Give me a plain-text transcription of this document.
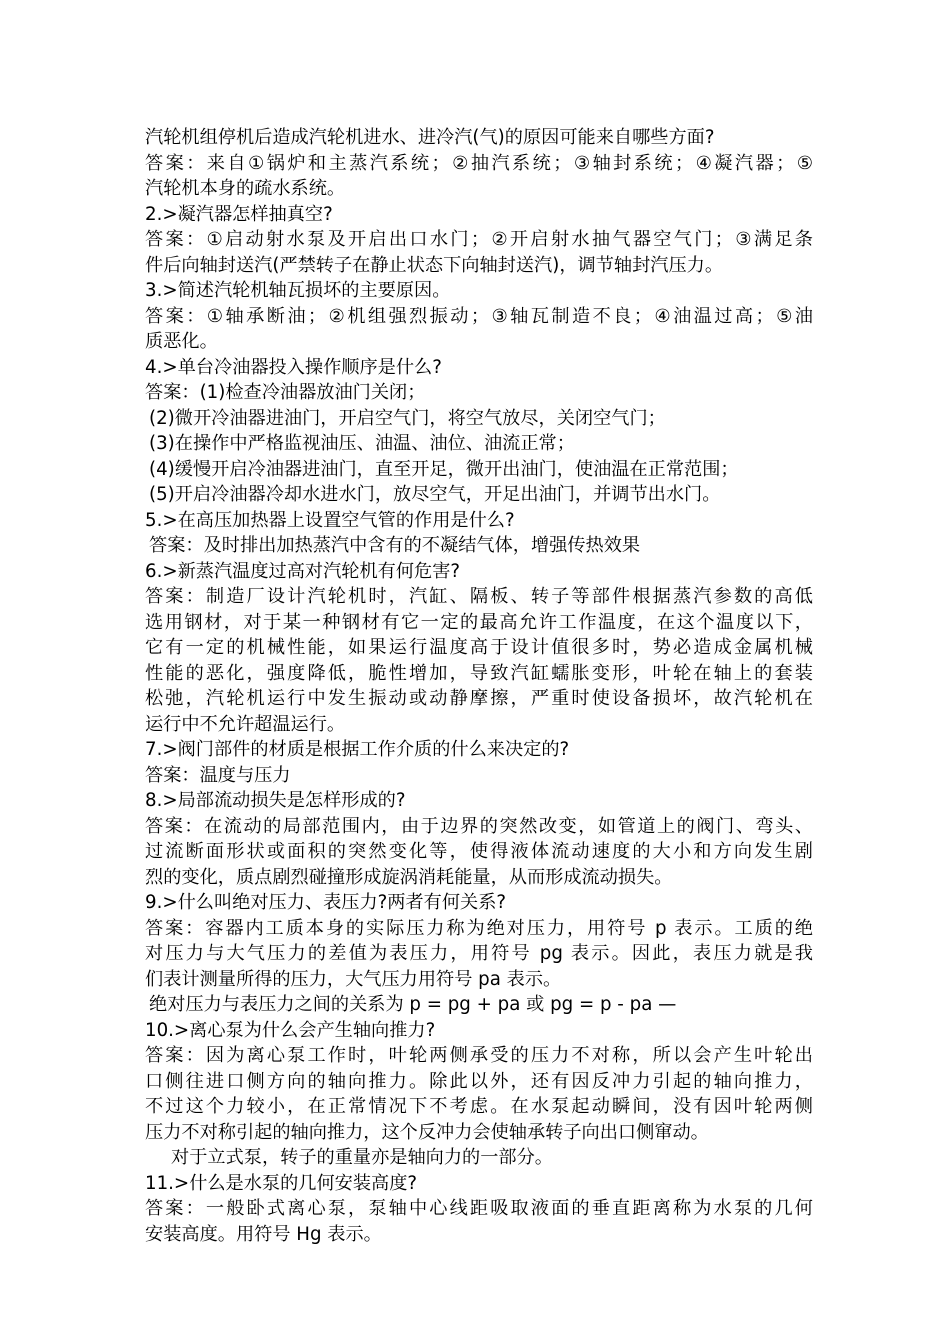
汽轮机组停机后造成汽轮机进水、进冷汽(气)的原因可能来自哪些方面?
答案：来自①锅炉和主蒸汽系统；②抽汽系统；③轴封系统；④凝汽器；⑤
汽轮机本身的疏水系统。
2.>凝汽器怎样抽真空?
答案：①启动射水泵及开启出口水门；②开启射水抽气器空气门；③满足条
件后向轴封送汽(严禁转子在静止状态下向轴封送汽)，调节轴封汽压力。
3.>简述汽轮机轴瓦损坏的主要原因。
答案：①轴承断油；②机组强烈振动；③轴瓦制造不良；④油温过高；⑤油
质恶化。
4.>单台冷油器投入操作顺序是什么?
答案：(1)检查冷油器放油门关闭；
(2)微开冷油器进油门，开启空气门，将空气放尽，关闭空气门；
(3)在操作中严格监视油压、油温、油位、油流正常；
(4)缓慢开启冷油器进油门，直至开足，微开出油门，使油温在正常范围；
(5)开启冷油器冷却水进水门，放尽空气，开足出油门，并调节出水门。
5.>在高压加热器上设置空气管的作用是什么?
答案：及时排出加热蒸汽中含有的不凝结气体，增强传热效果
6.>新蒸汽温度过高对汽轮机有何危害?
答案：制造厂设计汽轮机时，汽缸、隔板、转子等部件根据蒸汽参数的高低
选用钢材，对于某一种钢材有它一定的最高允许工作温度，在这个温度以下，
它有一定的机械性能，如果运行温度高于设计值很多时，势必造成金属机械
性能的恶化，强度降低，脆性增加，导致汽缸蠕胀变形，叶轮在轴上的套装
松弛，汽轮机运行中发生振动或动静摩擦，严重时使设备损坏，故汽轮机在
运行中不允许超温运行。
7.>阀门部件的材质是根据工作介质的什么来决定的?
答案：温度与压力
8.>局部流动损失是怎样形成的?
答案：在流动的局部范围内，由于边界的突然改变，如管道上的阀门、弯头、
过流断面形状或面积的突然变化等，使得液体流动速度的大小和方向发生剧
烈的变化，质点剧烈碰撞形成旋涡消耗能量，从而形成流动损失。
9.>什么叫绝对压力、表压力?两者有何关系?
答案：容器内工质本身的实际压力称为绝对压力，用符号 p 表示。工质的绝
对压力与大气压力的差值为表压力，用符号 pg 表示。因此，表压力就是我
们表计测量所得的压力，大气压力用符号 pa 表示。
绝对压力与表压力之间的关系为 p = pg + pa 或 pg = p - pa —
10.>离心泵为什么会产生轴向推力?
答案：因为离心泵工作时，叶轮两侧承受的压力不对称，所以会产生叶轮出
口侧往进口侧方向的轴向推力。除此以外，还有因反冲力引起的轴向推力，
不过这个力较小，在正常情况下不考虑。在水泵起动瞬间，没有因叶轮两侧
压力不对称引起的轴向推力，这个反冲力会使轴承转子向出口侧窜动。
对于立式泵，转子的重量亦是轴向力的一部分。
11.>什么是水泵的几何安装高度?
答案：一般卧式离心泵，泵轴中心线距吸取液面的垂直距离称为水泵的几何
安装高度。用符号 Hg 表示。
